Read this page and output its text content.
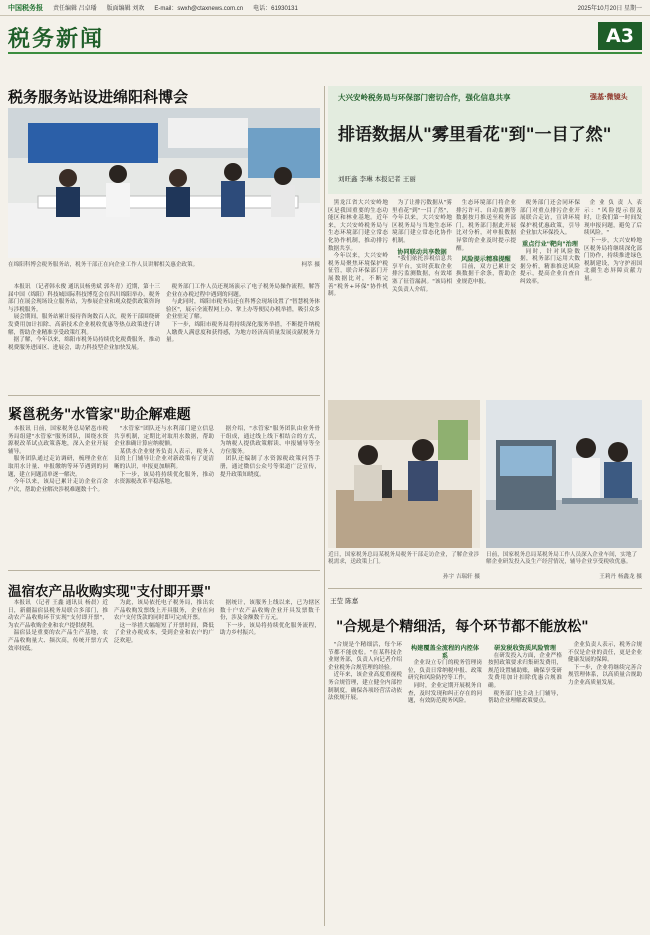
中国税务报 责任编辑 吕卓璠 版面编辑 刘欢 E-mail：swxh@ctaxnews.com.cn 电话：61930131	2025年10月20日 星期一
税务新闻	A3
税务服务站设进绵阳科博会
在绵阳科博会税务服务站，税务干部正在向企业工作人员讲解相关惠企政策。	柯萃 摄

本报讯 （记者韩永俊 通讯员杨勇斌 郭冬青）近期，第十三届中国（绵阳）科技城国际科技博览会在四川绵阳举办。税务部门在展会现场设立服务站，为参展企业和观众提供政策咨询与涉税服务。

展会期间，服务站累计接待咨询数百人次，税务干部围绕研发费用加计扣除、高新技术企业税收优惠等热点政策进行讲解，帮助企业精准享受政策红利。

据了解，今年以来，绵阳市税务局持续优化税费服务，推动税费服务进园区、进展会，助力科技型企业加快发展。

税务部门工作人员还现场演示了电子税务局操作流程，解答企业在办税过程中遇到的问题。

与此同时，绵阳市税务局还在科博会现场设置了"智慧税务体验区"，展示全流程网上办、掌上办等便民办税举措，吸引众多企业驻足了解。

下一步，绵阳市税务局将持续深化服务举措，不断提升纳税人缴费人满意度和获得感，为地方经济高质量发展贡献税务力量。

大兴安岭税务局与环保部门密切合作，强化信息共享	强基·微镜头
排语数据从"雾里看花"到"一目了然"
刘旺鑫 李琳 本报记者 王丽

黑龙江省大兴安岭地区是我国重要的生态功能区和林业基地。近年来，大兴安岭税务局与生态环境部门建立常态化协作机制，推动排污数据共享。

今年以来，大兴安岭税务局聚焦环境保护税征管，联合环保部门开展数据比对，不断完善"税务+环保"协作机制。

为了让排污数据从"雾里看花"到"一目了然"，今年以来，大兴安岭地区税务局与当地生态环境部门建立常态化协作机制。

协同联动共享数据

"我们依托涉税信息共享平台，实时获取企业排污监测数据，有效堵塞了征管漏洞。"该局相关负责人介绍。

生态环境部门将企业排污许可、自动监测等数据按月推送至税务部门，税务部门据此开展比对分析，对申报数据异常的企业及时提示提醒。

风险提示精准提醒

目前，双方已累计交换数据千余条，帮助企业规范申报。

税务部门还会同环保部门对重点排污企业开展联合走访，宣讲环境保护税优惠政策，引导企业加大环保投入。

重点行业"靶向"治理

同时，针对风险数据，税务部门运用大数据分析，精准推送风险提示，提高企业自查自纠效率。

企业负责人表示："风险提示很及时，让我们第一时间发现申报问题，避免了后续风险。"

下一步，大兴安岭地区税务局将继续深化部门协作，持续推进绿色税制建设，为守护祖国北疆生态屏障贡献力量。

紧邕税务"水管家"助企解难题

本报讯 日前，国家税务总局紧邕市税务局组建"水管家"服务团队，围绕水资源税改革试点政策落地，深入企业开展辅导。

服务团队通过走访调研，梳理企业在取用水计量、申报缴纳等环节遇到的问题，建立问题清单逐一解决。

今年以来，该局已累计走访企业百余户次，帮助企业解决涉税难题数十个。

"水管家"团队还与水利部门建立信息共享机制，定期比对取用水数据，帮助企业准确计算应纳税额。

某供水企业财务负责人表示，税务人员的上门辅导让企业对新政策有了更清晰的认识，申报更加顺利。

下一步，该局将持续优化服务，推动水资源税改革平稳落地。

据介绍，"水管家"服务团队由业务骨干组成，通过线上线下相结合的方式，为纳税人提供政策解读、申报辅导等全方位服务。

团队还编制了水资源税政策问答手册，通过微信公众号等渠道广泛宣传，提升政策知晓度。

温宿农产品收购实现"支付即开票"

本报讯 （记者 王鑫 通讯员 杨晨）近日，新疆温宿县税务局联合多部门，推动农产品收购环节实现"支付即开票"，为农产品收购企业和农户提供便利。

温宿县是重要的农产品生产基地，农产品收购量大、频次高，传统开票方式效率较低。

为此，该局依托电子税务局，推出农产品收购发票线上开具服务，企业在向农户支付货款的同时即可完成开票。

这一举措大幅缩短了开票时间，降低了企业办税成本，受到企业和农户的广泛欢迎。

据统计，该服务上线以来，已为辖区数十户农产品收购企业开具发票数千份，涉及金额数千万元。

下一步，该局将持续优化服务流程，助力乡村振兴。

近日，国家税务总局某税务局税务干部走访企业，了解企业涉税需求，送政策上门。
孙宇 吉瑞轩 摄
日前，国家税务总局某税务局工作人员深入企业车间，实地了解企业研发投入及生产经营情况，辅导企业享受税收优惠。
王莉丹 杨鑫龙 摄
王莹 陈嘉
"合规是个精细活，每个环节都不能放松"

"合规是个精细活，每个环节都不能放松。"在某科技企业财务部，负责人向记者介绍企业税务合规管理的经验。

近年来，该企业高度重视税务合规管理，建立健全内部控制制度，确保各项经营活动依法依规开展。

构建覆盖全流程的内控体系

企业设立专门的税务管理岗位，负责日常纳税申报、政策研究和风险防控等工作。

同时，企业定期开展税务自查，及时发现和纠正存在的问题，有效防范税务风险。

研发税收资质风险管理

在研发投入方面，企业严格按照政策要求归集研发费用，规范设置辅助账，确保享受研发费用加计扣除优惠合规准确。

税务部门也主动上门辅导，帮助企业理解政策要点。

企业负责人表示，税务合规不仅是企业的责任，更是企业健康发展的保障。

下一步，企业将继续完善合规管理体系，以高质量合规助力企业高质量发展。
